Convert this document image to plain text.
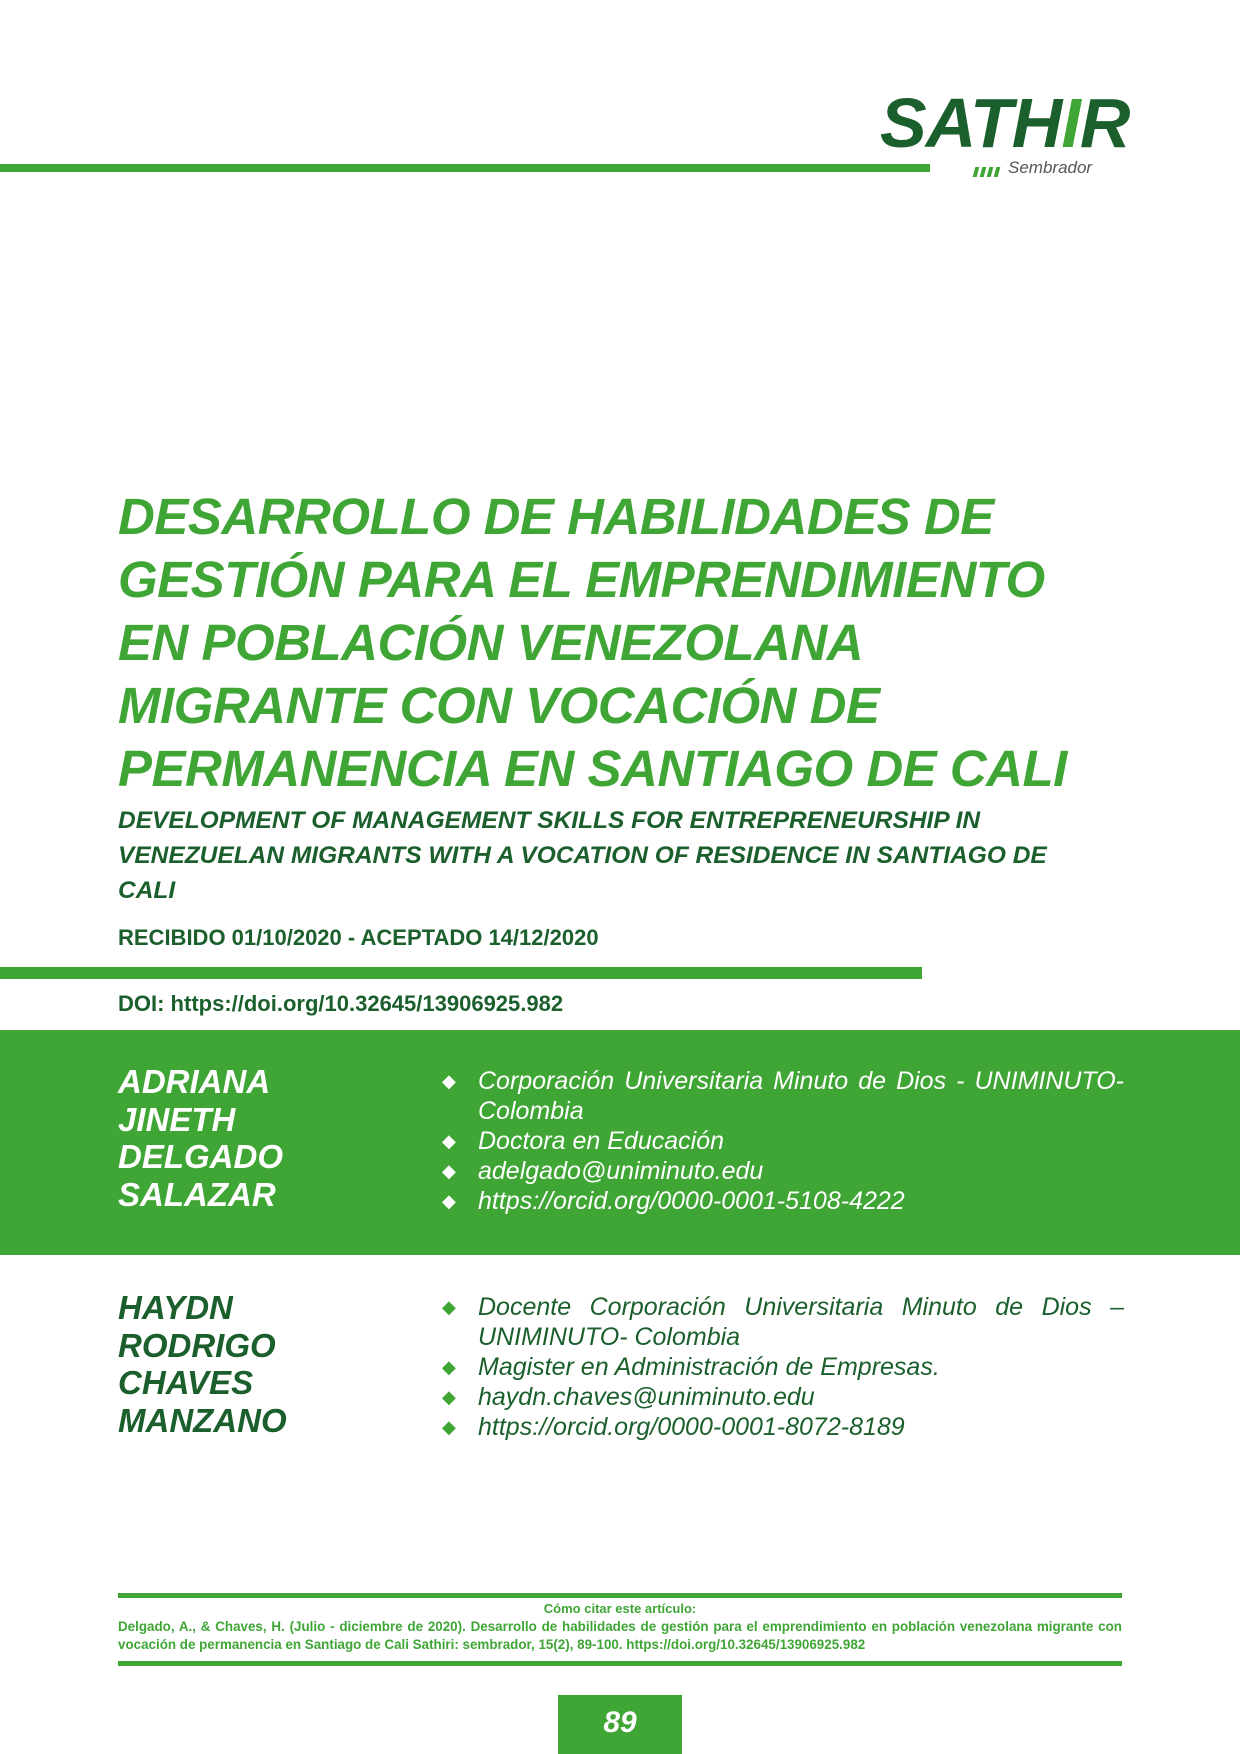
SATHIR
Sembrador
DESARROLLO DE HABILIDADES DE GESTIÓN PARA EL EMPRENDIMIENTO EN POBLACIÓN VENEZOLANA MIGRANTE CON VOCACIÓN DE PERMANENCIA EN SANTIAGO DE CALI
DEVELOPMENT OF MANAGEMENT SKILLS FOR ENTREPRENEURSHIP IN VENEZUELAN MIGRANTS WITH A VOCATION OF RESIDENCE IN SANTIAGO DE CALI

RECIBIDO 01/10/2020 - ACEPTADO 14/12/2020

DOI: https://doi.org/10.32645/13906925.982

ADRIANA JINETH DELGADO SALAZAR

◆ Corporación Universitaria Minuto de Dios - UNIMINUTO- Colombia
◆ Doctora en Educación
◆ adelgado@uniminuto.edu
◆ https://orcid.org/0000-0001-5108-4222

HAYDN RODRIGO CHAVES MANZANO

◆ Docente Corporación Universitaria Minuto de Dios – UNIMINUTO- Colombia
◆ Magister en Administración de Empresas.
◆ haydn.chaves@uniminuto.edu
◆ https://orcid.org/0000-0001-8072-8189

Cómo citar este artículo:

Delgado, A., & Chaves, H. (Julio - diciembre de 2020). Desarrollo de habilidades de gestión para el emprendimiento en población venezolana migrante con vocación de permanencia en Santiago de Cali Sathiri: sembrador, 15(2), 89-100. https://doi.org/10.32645/13906925.982

89
